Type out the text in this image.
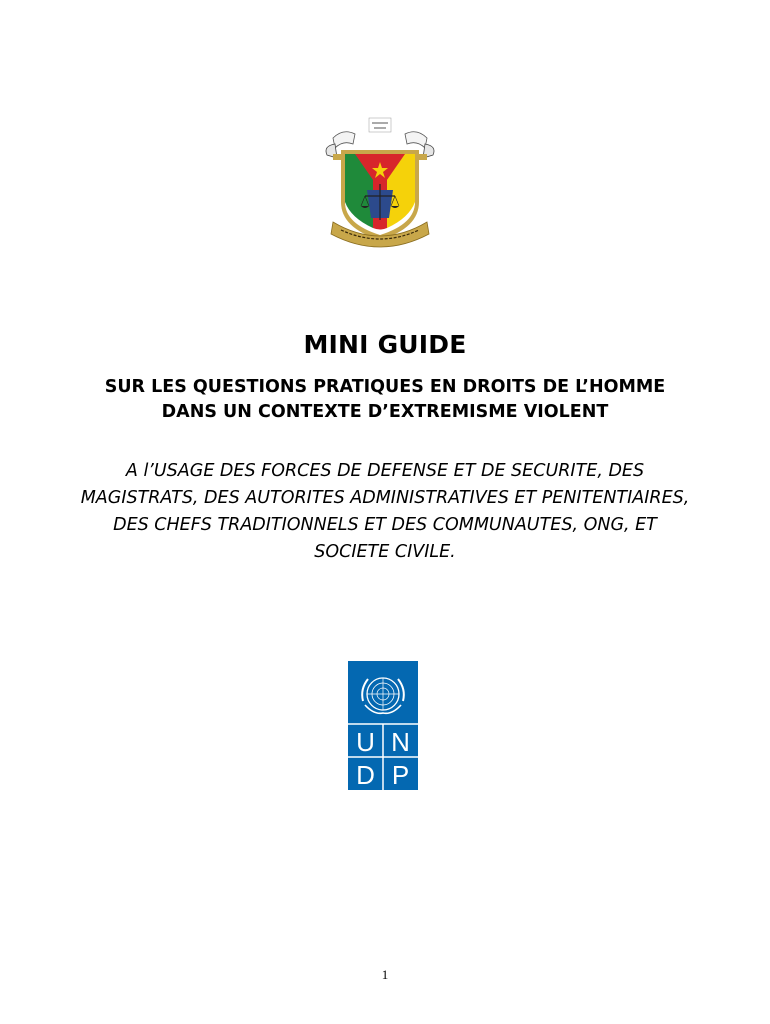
MINI GUIDE
SUR LES QUESTIONS PRATIQUES EN DROITS DE L’HOMME DANS UN CONTEXTE D’EXTREMISME VIOLENT
A l’USAGE DES FORCES DE DEFENSE ET DE SECURITE, DES MAGISTRATS, DES AUTORITES ADMINISTRATIVES ET PENITENTIAIRES, DES CHEFS TRADITIONNELS ET DES COMMUNAUTES, ONG, ET SOCIETE CIVILE.
U N
D P
1
